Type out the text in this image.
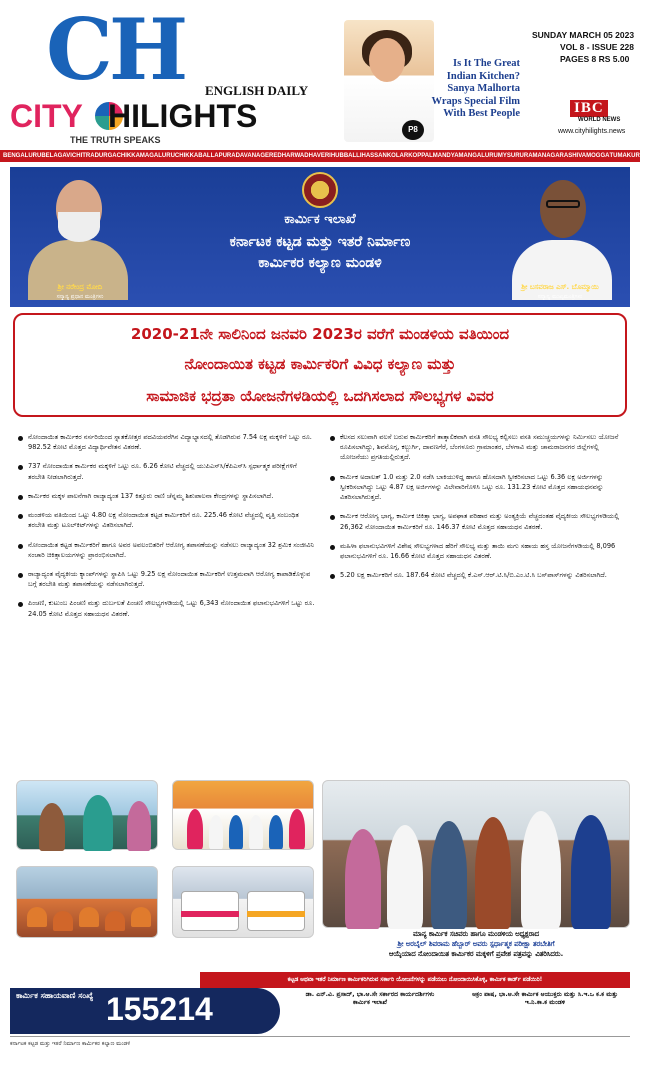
CH
CITY HILIGHTS
ENGLISH DAILY
THE TRUTH SPEAKS
P8
Is It The Great Indian Kitchen? Sanya Malhorta Wraps Special Film With Best People
SUNDAY MARCH 05 2023
VOL 8 - ISSUE 228
PAGES 8 RS 5.00
IBC
WORLD NEWS
www.cityhilights.news
BENGALURU BELAGAVI CHITRADURGA CHIKKAMAGALURU CHIKKABALLAPURA DAVANAGERE DHARWAD HAVERI HUBBALLI HASSAN KOLAR KOPPAL MANDYA MANGALURU MYSURU RAMANAGARA SHIVAMOGGA TUMAKURU UDUPI
ಶ್ರೀ ನರೇಂದ್ರ ಮೋದಿ
ಸನ್ಮಾನ್ಯ ಪ್ರಧಾನ ಮಂತ್ರಿಗಳು
ಕಾರ್ಮಿಕ ಇಲಾಖೆ
ಕರ್ನಾಟಕ ಕಟ್ಟಡ ಮತ್ತು ಇತರೆ ನಿರ್ಮಾಣ
ಕಾರ್ಮಿಕರ ಕಲ್ಯಾಣ ಮಂಡಳಿ
ಶ್ರೀ ಬಸವರಾಜ ಎಸ್. ಬೊಮ್ಮಾಯಿ
ಸನ್ಮಾನ್ಯ ಮುಖ್ಯಮಂತ್ರಿಗಳು
2020-21ನೇ ಸಾಲಿನಿಂದ ಜನವರಿ 2023ರ ವರೆಗೆ ಮಂಡಳಿಯ ವತಿಯಿಂದ
ನೋಂದಾಯಿತ ಕಟ್ಟಡ ಕಾರ್ಮಿಕರಿಗೆ ವಿವಿಧ ಕಲ್ಯಾಣ ಮತ್ತು
ಸಾಮಾಜಿಕ ಭದ್ರತಾ ಯೋಜನೆಗಳಡಿಯಲ್ಲಿ ಒದಗಿಸಲಾದ ಸೌಲಭ್ಯಗಳ ವಿವರ

ನೋಂದಾಯಿತ ಕಾರ್ಮಿಕರ ನರ್ಸರಿಯಿಂದ ಸ್ನಾತಕೋತ್ತರ ಪದವಿಯವರೆಗಿನ ವಿದ್ಯಾಭ್ಯಾಸದಲ್ಲಿ ತೊಡಗಿರುವ 7.54 ಲಕ್ಷ ಮಕ್ಕಳಿಗೆ ಒಟ್ಟು ರೂ. 982.52 ಕೋಟಿ ಮೊತ್ತದ ವಿದ್ಯಾರ್ಥಿವೇತನ ವಿತರಣೆ.

737 ನೋಂದಾಯಿತ ಕಾರ್ಮಿಕರ ಮಕ್ಕಳಿಗೆ ಒಟ್ಟು ರೂ. 6.26 ಕೋಟಿ ವೆಚ್ಚದಲ್ಲಿ ಯುಪಿಎಸ್‌ಸಿ/ಕೆಪಿಎಸ್‌ಸಿ ಸ್ಪರ್ಧಾತ್ಮಕ ಪರೀಕ್ಷೆಗಳಿಗೆ ತರಬೇತಿ ನೀಡಲಾಗಿರುತ್ತದೆ.

ಕಾರ್ಮಿಕರ ಮಕ್ಕಳ ಪಾಲನೆಗಾಗಿ ರಾಜ್ಯಾದ್ಯಂತ 137 ಕಿತ್ತೂರು ರಾಣಿ ಚೆನ್ನಮ್ಮ ಶಿಶುಪಾಲನಾ ಕೇಂದ್ರಗಳನ್ನು ಸ್ಥಾಪಿಸಲಾಗಿದೆ.

ಮಂಡಳಿಯ ವತಿಯಿಂದ ಒಟ್ಟು 4.80 ಲಕ್ಷ ನೋಂದಾಯಿತ ಕಟ್ಟಡ ಕಾರ್ಮಿಕರಿಗೆ ರೂ. 225.46 ಕೋಟಿ ವೆಚ್ಚದಲ್ಲಿ ವೃತ್ತಿ ಸಂಬಂಧಿತ ತರಬೇತಿ ಮತ್ತು ಟೂಲ್‌ಕಿಟ್‌ಗಳನ್ನು ವಿತರಿಸಲಾಗಿದೆ.

ನೋಂದಾಯಿತ ಕಟ್ಟಡ ಕಾರ್ಮಿಕರಿಗೆ ಹಾಗೂ ಅವರ ಅವಲಂಬಿತರಿಗೆ ಆರೋಗ್ಯ ತಪಾಸಣೆಯನ್ನು ನಡೆಸಲು ರಾಜ್ಯಾದ್ಯಂತ 32 ಶ್ರಮಿಕ ಸಂಜೀವಿನಿ ಸಂಚಾರಿ ಚಿಕಿತ್ಸಾಲಯಗಳನ್ನು ಪ್ರಾರಂಭಿಸಲಾಗಿದೆ.

ರಾಜ್ಯಾದ್ಯಂತ ವೈದ್ಯಕೀಯ ಕ್ಯಾಂಪ್‌ಗಳನ್ನು ಸ್ಥಾಪಿಸಿ ಒಟ್ಟು 9.25 ಲಕ್ಷ ನೋಂದಾಯಿತ ಕಾರ್ಮಿಕರಿಗೆ ಉತ್ತಮವಾಗಿ ಆರೋಗ್ಯ ಕಾಪಾಡಿಕೊಳ್ಳುವ ಬಗ್ಗೆ ತರಬೇತಿ ಮತ್ತು ತಪಾಸಣೆಯನ್ನು ನಡೆಸಲಾಗಿರುತ್ತದೆ.

ಪಿಂಚಣಿ, ಕುಟುಂಬ ಪಿಂಚಣಿ ಮತ್ತು ದುರ್ಬಲತೆ ಪಿಂಚಣಿ ಸೌಲಭ್ಯಗಳಡಿಯಲ್ಲಿ ಒಟ್ಟು 6,343 ನೋಂದಾಯಿತ ಫಲಾನುಭವಿಗಳಿಗೆ ಒಟ್ಟು ರೂ. 24.05 ಕೋಟಿ ಮೊತ್ತದ ಸಹಾಯಧನ ವಿತರಣೆ.

ಕೆಲಸದ ಸಲುವಾಗಿ ವಲಸೆ ಬರುವ ಕಾರ್ಮಿಕರಿಗೆ ತಾತ್ಕಾಲಿಕವಾಗಿ ವಸತಿ ಸೌಲಭ್ಯ ಕಲ್ಪಿಸಲು ವಸತಿ ಸಮುಚ್ಚಯಗಳನ್ನು ನಿರ್ಮಿಸಲು ಯೋಜನೆ ರೂಪಿಸಲಾಗಿದ್ದು, ಶಿವಮೊಗ್ಗ, ಕಲ್ಬುರ್ಗಿ, ದಾವಣಗೆರೆ, ಬೆಂಗಳೂರು ಗ್ರಾಮಾಂತರ, ಬೆಳಗಾವಿ ಮತ್ತು ಚಾಮರಾಜನಗರ ಜಿಲ್ಲೆಗಳಲ್ಲಿ ಯೋಜನೆಯು ಪ್ರಗತಿಯಲ್ಲಿರುತ್ತದೆ.

ಕಾರ್ಮಿಕ ಅದಾಲತ್ 1.0 ಮತ್ತು 2.0 ನಡೆಸಿ ಬಾಕಿಯುಳಿದ್ದ ಹಾಗೂ ಹೊಸದಾಗಿ ಸ್ವೀಕರಿಸಲಾದ ಒಟ್ಟು 6.36 ಲಕ್ಷ ಅರ್ಜಿಗಳನ್ನು ಸ್ವೀಕರಿಸಲಾಗಿದ್ದು ಒಟ್ಟು 4.87 ಲಕ್ಷ ಅರ್ಜಿಗಳನ್ನು ವಿಲೇವಾರಿಗೊಳಿಸಿ ಒಟ್ಟು ರೂ. 131.23 ಕೋಟಿ ಮೊತ್ತದ ಸಹಾಯಧನವನ್ನು ವಿತರಿಸಲಾಗಿರುತ್ತದೆ.

ಕಾರ್ಮಿಕ ಆರೋಗ್ಯ ಭಾಗ್ಯ, ಕಾರ್ಮಿಕ ಚಿಕಿತ್ಸಾ ಭಾಗ್ಯ, ಅಪಘಾತ ಪರಿಹಾರ ಮತ್ತು ಅಂತ್ಯಕ್ರಿಯೆ ವೆಚ್ಚದಂತಹ ವೈದ್ಯಕೀಯ ಸೌಲಭ್ಯಗಳಡಿಯಲ್ಲಿ 26,362 ನೋಂದಾಯಿತ ಕಾರ್ಮಿಕರಿಗೆ ರೂ. 146.37 ಕೋಟಿ ಮೊತ್ತದ ಸಹಾಯಧನ ವಿತರಣೆ.

ಮಹಿಳಾ ಫಲಾನುಭವಿಗಳಿಗೆ ವಿಶೇಷ ಸೌಲಭ್ಯಗಳಾದ ಹೆರಿಗೆ ಸೌಲಭ್ಯ ಮತ್ತು ತಾಯಿ ಮಗು ಸಹಾಯ ಹಸ್ತ ಯೋಜನೆಗಳಡಿಯಲ್ಲಿ 8,096 ಫಲಾನುಭವಿಗಳಿಗೆ ರೂ. 16.66 ಕೋಟಿ ಮೊತ್ತದ ಸಹಾಯಧನ ವಿತರಣೆ.

5.20 ಲಕ್ಷ ಕಾರ್ಮಿಕರಿಗೆ ರೂ. 187.64 ಕೋಟಿ ವೆಚ್ಚದಲ್ಲಿ ಕೆ.ಎಸ್.ಆರ್.ಟಿ.ಸಿ/ಬಿ.ಎಂ.ಟಿ.ಸಿ ಬಸ್‌ಪಾಸ್‌ಗಳನ್ನು ವಿತರಿಸಲಾಗಿದೆ.

ಮಾನ್ಯ ಕಾರ್ಮಿಕ ಸಚಿವರು ಹಾಗೂ ಮಂಡಳಿಯ ಅಧ್ಯಕ್ಷರಾದ
ಶ್ರೀ ಅರಬೈಲ್ ಶಿವರಾಮ ಹೆಬ್ಬಾರ್ ಅವರು ಸ್ಪರ್ಧಾತ್ಮಕ ಪರೀಕ್ಷಾ ತರಬೇತಿಗೆ
ಆಯ್ಕೆಯಾದ ನೋಂದಾಯಿತ ಕಾರ್ಮಿಕರ ಮಕ್ಕಳಿಗೆ ಪ್ರವೇಶ ಪತ್ರವನ್ನು ವಿತರಿಸಿದರು.
ಕಟ್ಟಡ ಅಥವಾ ಇತರೆ ನಿರ್ಮಾಣ ಕಾರ್ಮಿಕರಿಗಿರುವ ಸರ್ಕಾರಿ ಯೋಜನೆಗಳನ್ನು ಪಡೆಯಲು ನೋಂದಾಯಿಸಿಕೊಳ್ಳಿ, ಕಾರ್ಮಿಕ ಕಾರ್ಡ್ ಪಡೆಯಿರಿ!
ಕಾರ್ಮಿಕ ಸಹಾಯವಾಣಿ ಸಂಖ್ಯೆ 155214	ಡಾ. ಎನ್.ವಿ. ಪ್ರಸಾದ್, ಭಾ.ಆ.ಸೇ ಸರ್ಕಾರದ ಕಾರ್ಯದರ್ಶಿಗಳು ಕಾರ್ಮಿಕ ಇಲಾಖೆ
ಅಕ್ರಂ ಪಾಷ, ಭಾ.ಆ.ಸೇ ಕಾರ್ಮಿಕ ಆಯುಕ್ತರು ಮತ್ತು ಸಿ.ಇ.ಒ ಕ.ಕ ಮತ್ತು ಇ.ನಿ.ಕಾ.ಕ ಮಂಡಳಿ
ಕರ್ನಾಟಕ ಕಟ್ಟಡ ಮತ್ತು ಇತರೆ ನಿರ್ಮಾಣ ಕಾರ್ಮಿಕರ ಕಲ್ಯಾಣ ಮಂಡಳಿ
